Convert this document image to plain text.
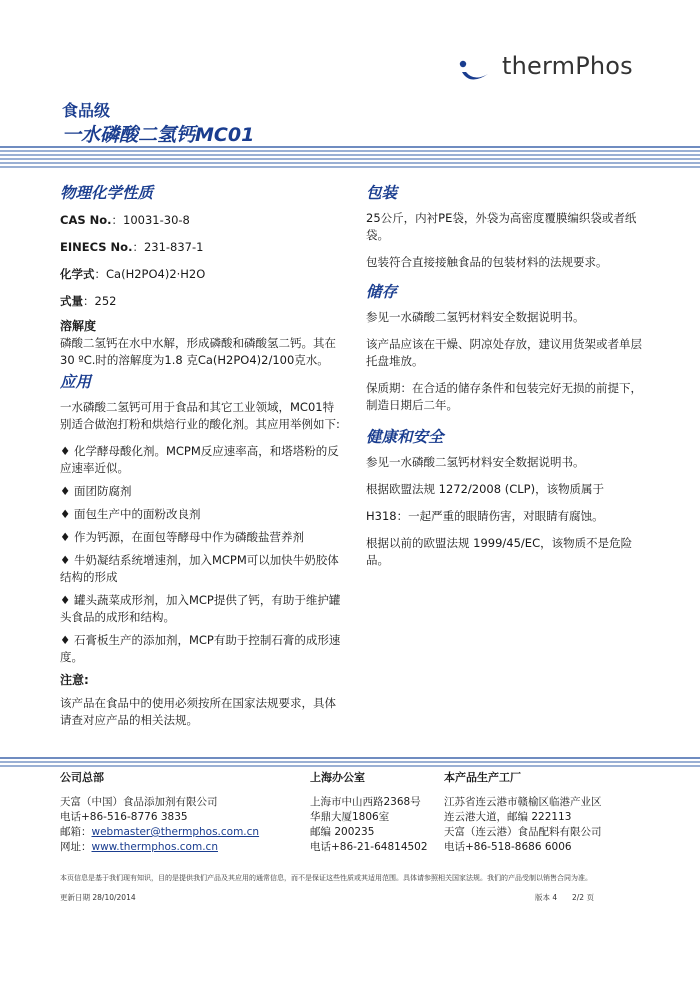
thermPhos
食品级
一水磷酸二氢钙MC01
物理化学性质

CAS No.：10031-30-8

EINECS No.：231-837-1

化学式：Ca(H2PO4)2·H2O

式量：252

溶解度

磷酸二氢钙在水中水解，形成磷酸和磷酸氢二钙。其在30 ºC.时的溶解度为1.8 克Ca(H2PO4)2/100克水。

应用

一水磷酸二氢钙可用于食品和其它工业领域，MC01特别适合做泡打粉和烘焙行业的酸化剂。其应用举例如下:

♦ 化学酵母酸化剂。MCPM反应速率高，和塔塔粉的反应速率近似。

♦ 面团防腐剂

♦ 面包生产中的面粉改良剂

♦ 作为钙源，在面包等酵母中作为磷酸盐营养剂

♦ 牛奶凝结系统增速剂，加入MCPM可以加快牛奶胶体结构的形成

♦ 罐头蔬菜成形剂，加入MCP提供了钙，有助于维护罐头食品的成形和结构。

♦ 石膏板生产的添加剂，MCP有助于控制石膏的成形速度。

注意:

该产品在食品中的使用必须按所在国家法规要求，具体请查对应产品的相关法规。

包装

25公斤，内衬PE袋，外袋为高密度覆膜编织袋或者纸袋。

包装符合直接接触食品的包装材料的法规要求。

储存

参见一水磷酸二氢钙材料安全数据说明书。

该产品应该在干燥、阴凉处存放，建议用货架或者单层托盘堆放。

保质期：在合适的储存条件和包装完好无损的前提下，制造日期后二年。

健康和安全

参见一水磷酸二氢钙材料安全数据说明书。

根据欧盟法规 1272/2008 (CLP)，该物质属于

H318：一起严重的眼睛伤害，对眼睛有腐蚀。

根据以前的欧盟法规 1999/45/EC，该物质不是危险品。

公司总部
天富（中国）食品添加剂有限公司
电话+86-516-8776 3835
邮箱：webmaster@thermphos.com.cn
网址：www.thermphos.com.cn
上海办公室
上海市中山西路2368号
华鼎大厦1806室
邮编 200235
电话+86-21-64814502
本产品生产工厂
江苏省连云港市赣榆区临港产业区
连云港大道，邮编 222113
天富（连云港）食品配料有限公司
电话+86-518-8686 6006
本页信息是基于我们现有知识，目的是提供我们产品及其应用的通常信息，而不是保证这些性质或其适用范围。具体请参照相关国家法规。我们的产品受制以销售合同为准。
更新日期 28/10/2014	版本 4 2/2 页
